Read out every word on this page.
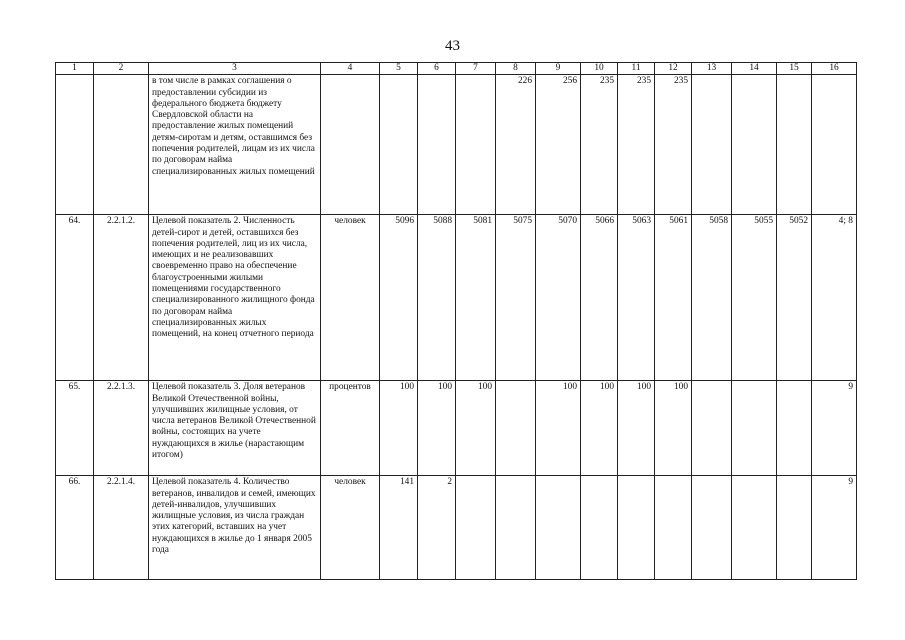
43
1	2	3	4	5	6	7	8	9	10	11	12	13	14	15	16
		в том числе в рамках соглашения о предоставлении субсидии из федерального бюджета бюджету Свердловской области на предоставление жилых помещений детям-сиротам и детям, оставшимся без попечения родителей, лицам из их числа по договорам найма специализированных жилых помещений					226	256	235	235	235				
64.	2.2.1.2.	Целевой показатель 2. Численность детей-сирот и детей, оставшихся без попечения родителей, лиц из их числа, имеющих и не реализовавших своевременно право на обеспечение благоустроенными жилыми помещениями государственного специализированного жилищного фонда по договорам найма специализированных жилых помещений, на конец отчетного периода	человек	5096	5088	5081	5075	5070	5066	5063	5061	5058	5055	5052	4; 8
65.	2.2.1.3.	Целевой показатель 3. Доля ветеранов Великой Отечественной войны, улучшивших жилищные условия, от числа ветеранов Великой Отечественной войны, состоящих на учете нуждающихся в жилье (нарастающим итогом)	процентов	100	100	100		100	100	100	100				9
66.	2.2.1.4.	Целевой показатель 4. Количество ветеранов, инвалидов и семей, имеющих детей-инвалидов, улучшивших жилищные условия, из числа граждан этих категорий, вставших на учет нуждающихся в жилье до 1 января 2005 года	человек	141	2										9
